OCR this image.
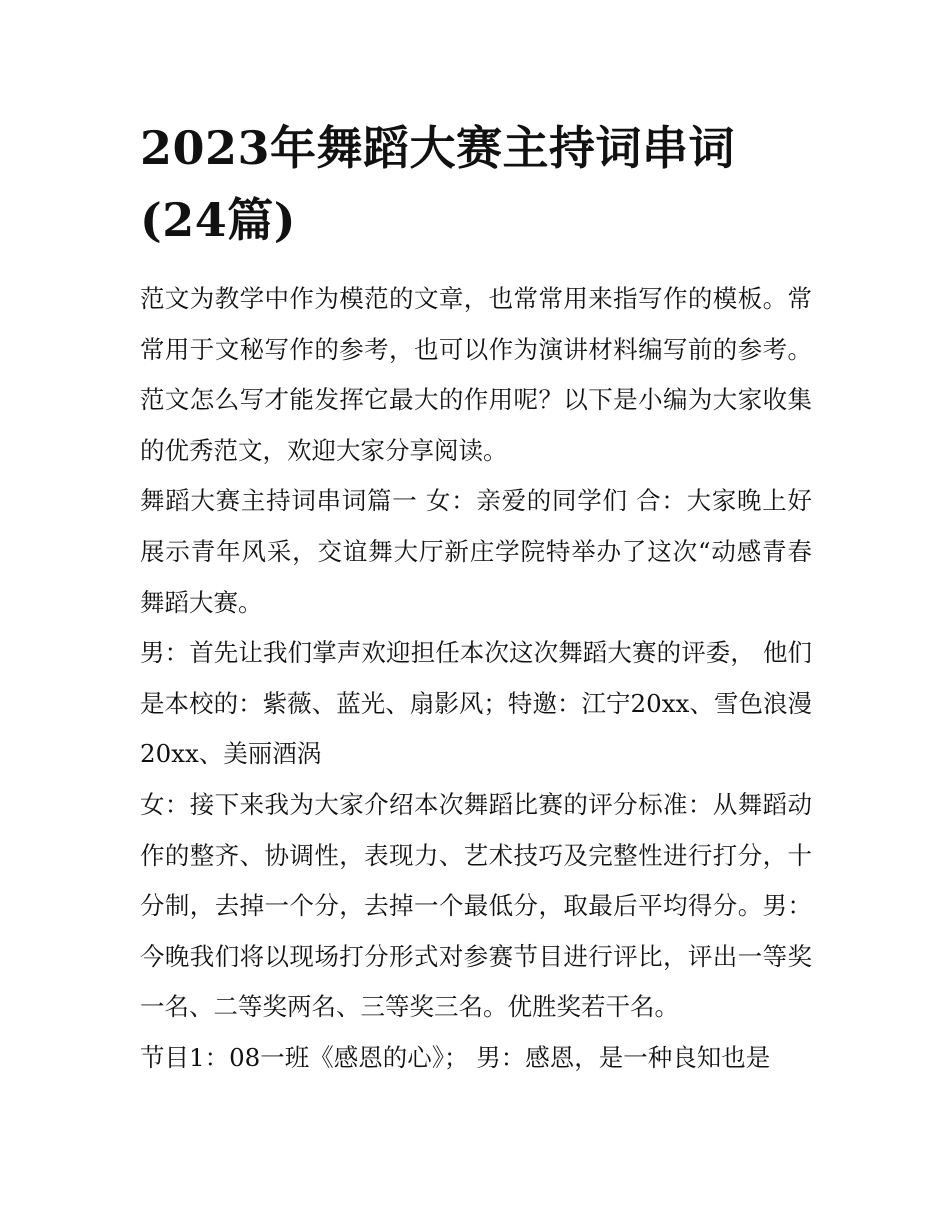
2023年舞蹈大赛主持词串词
(24篇)

范文为教学中作为模范的文章，也常常用来指写作的模板。常常用于文秘写作的参考，也可以作为演讲材料编写前的参考。范文怎么写才能发挥它最大的作用呢？以下是小编为大家收集的优秀范文，欢迎大家分享阅读。

舞蹈大赛主持词串词篇一 女：亲爱的同学们 合：大家晚上好展示青年风采，交谊舞大厅新庄学院特举办了这次“动感青春舞蹈大赛。

男：首先让我们掌声欢迎担任本次这次舞蹈大赛的评委， 他们是本校的：紫薇、蓝光、扇影风；特邀：江宁20xx、雪色浪漫20xx、美丽酒涡

女：接下来我为大家介绍本次舞蹈比赛的评分标准：从舞蹈动作的整齐、协调性，表现力、艺术技巧及完整性进行打分，十分制，去掉一个分，去掉一个最低分，取最后平均得分。男：今晚我们将以现场打分形式对参赛节目进行评比，评出一等奖一名、二等奖两名、三等奖三名。优胜奖若干名。

节目1：08一班《感恩的心》； 男：感恩，是一种良知也是
